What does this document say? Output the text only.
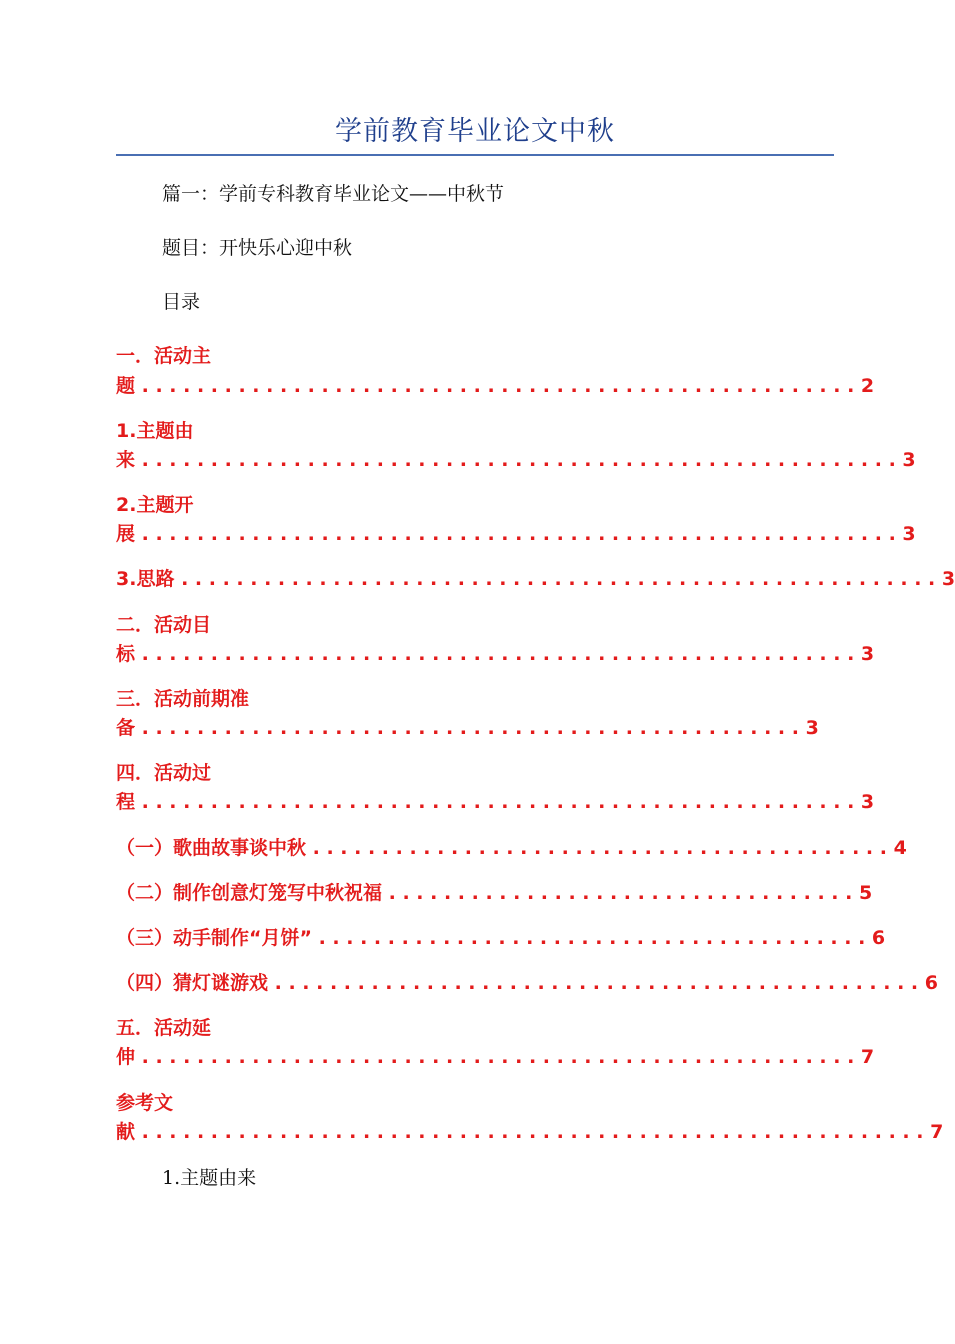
学前教育毕业论文中秋
篇一：学前专科教育毕业论文——中秋节
题目：开快乐心迎中秋
目录
一．活动主
题 . . . . . . . . . . . . . . . . . . . . . . . . . . . . . . . . . . . . . . . . . . . . . . . . . . . . 2
1.主题由
来 . . . . . . . . . . . . . . . . . . . . . . . . . . . . . . . . . . . . . . . . . . . . . . . . . . . . . . . 3
2.主题开
展 . . . . . . . . . . . . . . . . . . . . . . . . . . . . . . . . . . . . . . . . . . . . . . . . . . . . . . . 3
3.思路 . . . . . . . . . . . . . . . . . . . . . . . . . . . . . . . . . . . . . . . . . . . . . . . . . . . . . . . 3
二．活动目
标 . . . . . . . . . . . . . . . . . . . . . . . . . . . . . . . . . . . . . . . . . . . . . . . . . . . . 3
三．活动前期准
备 . . . . . . . . . . . . . . . . . . . . . . . . . . . . . . . . . . . . . . . . . . . . . . . . 3
四．活动过
程 . . . . . . . . . . . . . . . . . . . . . . . . . . . . . . . . . . . . . . . . . . . . . . . . . . . . 3
（一）歌曲故事谈中秋 . . . . . . . . . . . . . . . . . . . . . . . . . . . . . . . . . . . . . . . . . . 4
（二）制作创意灯笼写中秋祝福 . . . . . . . . . . . . . . . . . . . . . . . . . . . . . . . . . . 5
（三）动手制作“月饼” . . . . . . . . . . . . . . . . . . . . . . . . . . . . . . . . . . . . . . . . 6
（四）猜灯谜游戏 . . . . . . . . . . . . . . . . . . . . . . . . . . . . . . . . . . . . . . . . . . . . . . . 6
五．活动延
伸 . . . . . . . . . . . . . . . . . . . . . . . . . . . . . . . . . . . . . . . . . . . . . . . . . . . . 7
参考文
献 . . . . . . . . . . . . . . . . . . . . . . . . . . . . . . . . . . . . . . . . . . . . . . . . . . . . . . . . . 7
1.主题由来
